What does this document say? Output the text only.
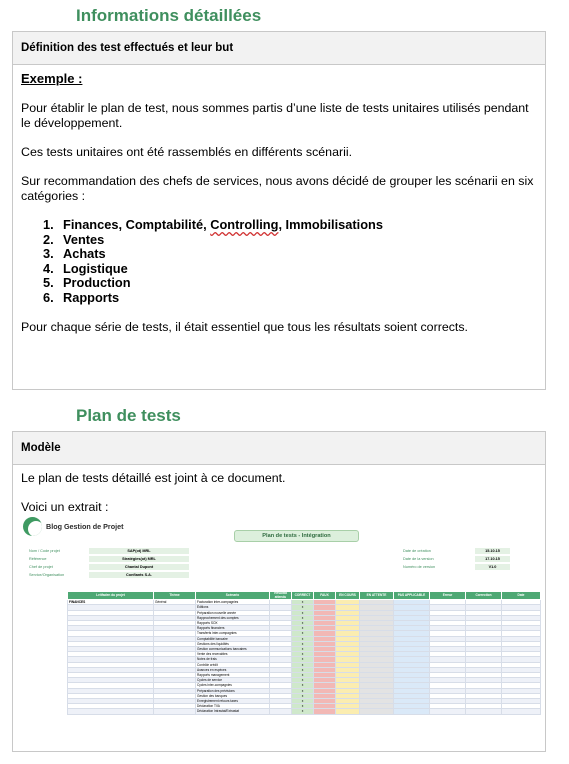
Informations détaillées
Définition des test effectués et leur but

Exemple :

Pour établir le plan de test, nous sommes partis d’une liste de tests unitaires utilisés pendant le développement.

Ces tests unitaires ont été rassemblés en différents scénarii.

Sur recommandation des chefs de services, nous avons décidé de grouper les scénarii en six catégories :

1. Finances, Comptabilité, Controlling, Immobilisations
2. Ventes
3. Achats
4. Logistique
5. Production
6. Rapports

Pour chaque série de tests, il était essentiel que tous les résultats soient corrects.

Plan de tests
Modèle

Le plan de tests détaillé est joint à ce document.

Voici un extrait :

Blog Gestion de Projet
Plan de tests - Intégration
Nom / Code projet	SAP(ot) MRL
Référence	Stratégies(ot) MRL
Chef de projet	Chantal Dupont
Service/Organisation	Confiants S.A.
Date de création	15.10.15
Date de la version	17.10.15
Numéro de version	V1.0
Leitfaden du projet	Thème	Scénario	Résultat attendu	CORRECT	FAUX	EN COURS	EN ATTENTE	PAS APPLICABLE	Erreur	Correction	Date
FINANCES	Général	Facturation inter-compagnies		x							
		Éditions		x							
		Préparation nouvelle année		x							
		Rapprochement des comptes		x							
		Rapports SOX		x							
		Rapports financiers		x							
		Transferts inter-compagnies		x							
		Comptabilité bancaire		x							
		Gestions des liquidités		x							
		Gestion communications bancaires		x							
		Vente des recevables		x							
		Notes de frais		x							
		Contrôle crédit		x							
		Avances en espèces		x							
		Rapports management		x							
		Cycles de service		x							
		Cycles inter-compagnies		x							
		Préparation des prévisions		x							
		Gestion des banques		x							
		Enregistrement retours taxes		x							
		Déclaration TVA		x							
		Déclaration Intrastat/Extrastat		x							
